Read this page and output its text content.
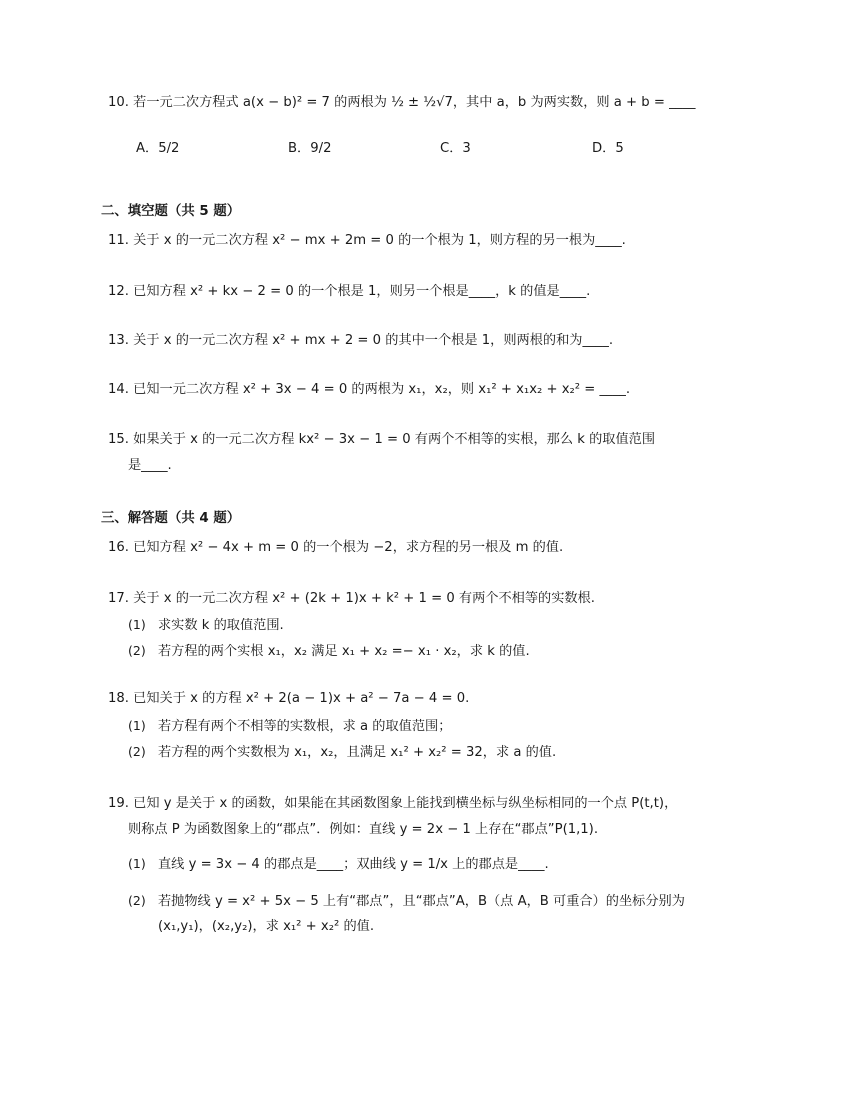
10. 若一元二次方程式 a(x − b)² = 7 的两根为 ½ ± ½√7，其中 a，b 为两实数，则 a + b = ____
A．5/2	B．9/2	C．3	D．5
二、填空题（共 5 题）
11. 关于 x 的一元二次方程 x² − mx + 2m = 0 的一个根为 1，则方程的另一根为____.
12. 已知方程 x² + kx − 2 = 0 的一个根是 1，则另一个根是____，k 的值是____.
13. 关于 x 的一元二次方程 x² + mx + 2 = 0 的其中一个根是 1，则两根的和为____.
14. 已知一元二次方程 x² + 3x − 4 = 0 的两根为 x₁，x₂，则 x₁² + x₁x₂ + x₂² = ____.
15. 如果关于 x 的一元二次方程 kx² − 3x − 1 = 0 有两个不相等的实根，那么 k 的取值范围
是____.
三、解答题（共 4 题）
16. 已知方程 x² − 4x + m = 0 的一个根为 −2，求方程的另一根及 m 的值.
17. 关于 x 的一元二次方程 x² + (2k + 1)x + k² + 1 = 0 有两个不相等的实数根.
(1) 求实数 k 的取值范围.
(2) 若方程的两个实根 x₁，x₂ 满足 x₁ + x₂ =− x₁ · x₂，求 k 的值.
18. 已知关于 x 的方程 x² + 2(a − 1)x + a² − 7a − 4 = 0.
(1) 若方程有两个不相等的实数根，求 a 的取值范围；
(2) 若方程的两个实数根为 x₁，x₂，且满足 x₁² + x₂² = 32，求 a 的值.
19. 已知 y 是关于 x 的函数，如果能在其函数图象上能找到横坐标与纵坐标相同的一个点 P(t,t)，
则称点 P 为函数图象上的“郡点”．例如：直线 y = 2x − 1 上存在“郡点”P(1,1).
(1) 直线 y = 3x − 4 的郡点是____；双曲线 y = 1/x 上的郡点是____.
(2) 若抛物线 y = x² + 5x − 5 上有“郡点”，且“郡点”A，B（点 A，B 可重合）的坐标分别为
(x₁,y₁)，(x₂,y₂)，求 x₁² + x₂² 的值.
